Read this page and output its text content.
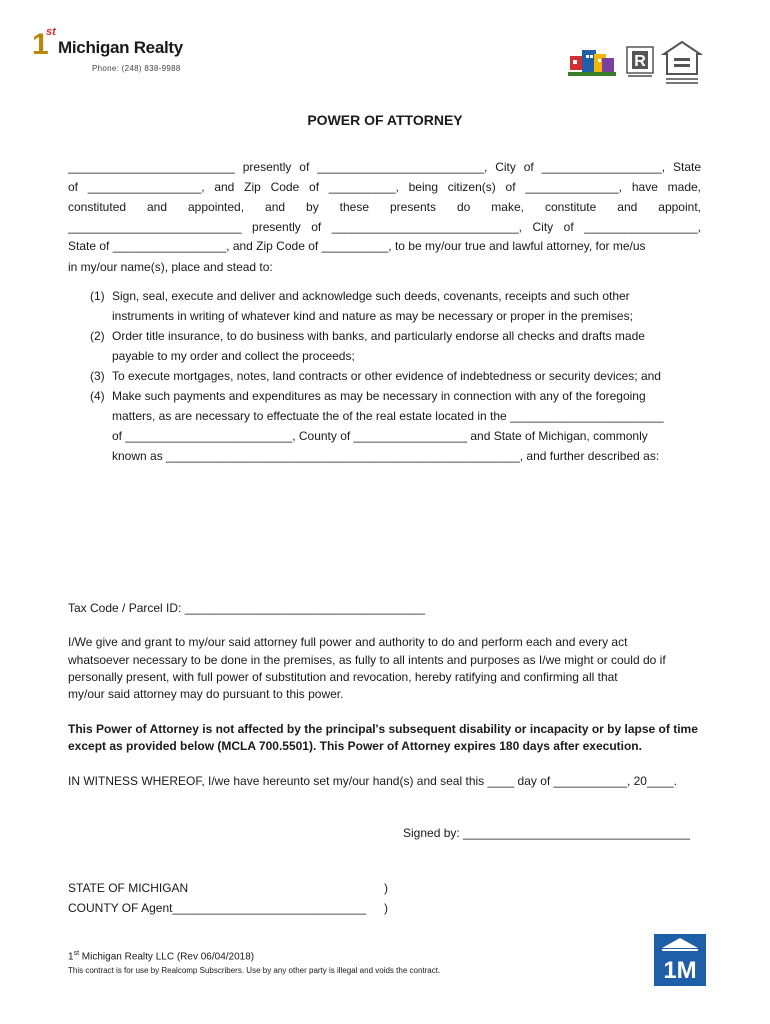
1
st
Michigan Realty
Phone: (248) 838-9988	R
POWER OF ATTORNEY
_________________________ presently of _________________________, City of __________________, State
of _________________, and Zip Code of __________, being citizen(s) of ______________, have made,
constituted and appointed, and by these presents do make, constitute and appoint,
__________________________ presently of ____________________________, City of _________________,
State of _________________, and Zip Code of __________, to be my/our true and lawful attorney, for me/us
in my/our name(s), place and stead to:
(1) Sign, seal, execute and deliver and acknowledge such deeds, covenants, receipts and such other
instruments in writing of whatever kind and nature as may be necessary or proper in the premises;
(2) Order title insurance, to do business with banks, and particularly endorse all checks and drafts made
payable to my order and collect the proceeds;
(3) To execute mortgages, notes, land contracts or other evidence of indebtedness or security devices; and
(4) Make such payments and expenditures as may be necessary in connection with any of the foregoing
matters, as are necessary to effectuate the of the real estate located in the _______________________
of _________________________, County of _________________ and State of Michigan, commonly
known as _____________________________________________________, and further described as:
Tax Code / Parcel ID: ____________________________________
I/We give and grant to my/our said attorney full power and authority to do and perform each and every act
whatsoever necessary to be done in the premises, as fully to all intents and purposes as I/we might or could do if
personally present, with full power of substitution and revocation, hereby ratifying and confirming all that
my/our said attorney may do pursuant to this power.
This Power of Attorney is not affected by the principal's subsequent disability or incapacity or by lapse of time
except as provided below (MCLA 700.5501). This Power of Attorney expires 180 days after execution.
IN WITNESS WHEREOF, I/we have hereunto set my/our hand(s) and seal this ____ day of ___________, 20____.
Signed by: __________________________________
STATE OF MICHIGAN	)
COUNTY OF Agent_____________________________ )
1st Michigan Realty LLC (Rev 06/04/2018)
This contract is for use by Realcomp Subscribers. Use by any other party is illegal and voids the contract.	1M
